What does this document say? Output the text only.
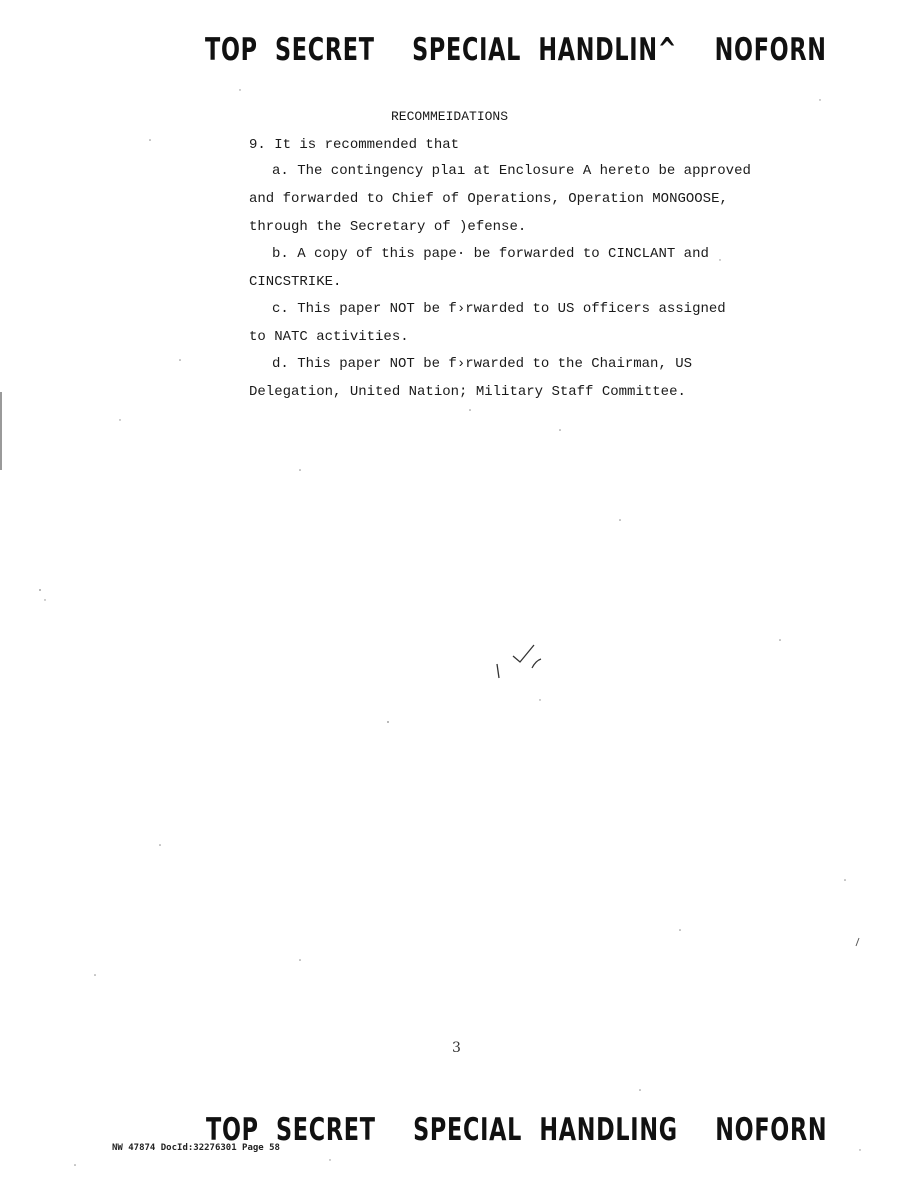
TOP SECRET SPECIAL HANDLIN^ NOFORN
RECOMMEIDATIONS
9. It is recommended that
a. The contingency plaı at Enclosure A hereto be approved
and forwarded to Chief of Operations, Operation MONGOOSE,
through the Secretary of )efense.
b. A copy of this pape· be forwarded to CINCLANT and
CINCSTRIKE.
c. This paper NOT be f›rwarded to US officers assigned
to NATC activities.
d. This paper NOT be f›rwarded to the Chairman, US
Delegation, United Nation; Military Staff Committee.
3
TOP SECRET SPECIAL HANDLING NOFORN
NW 47874 DocId:32276301 Page 58
